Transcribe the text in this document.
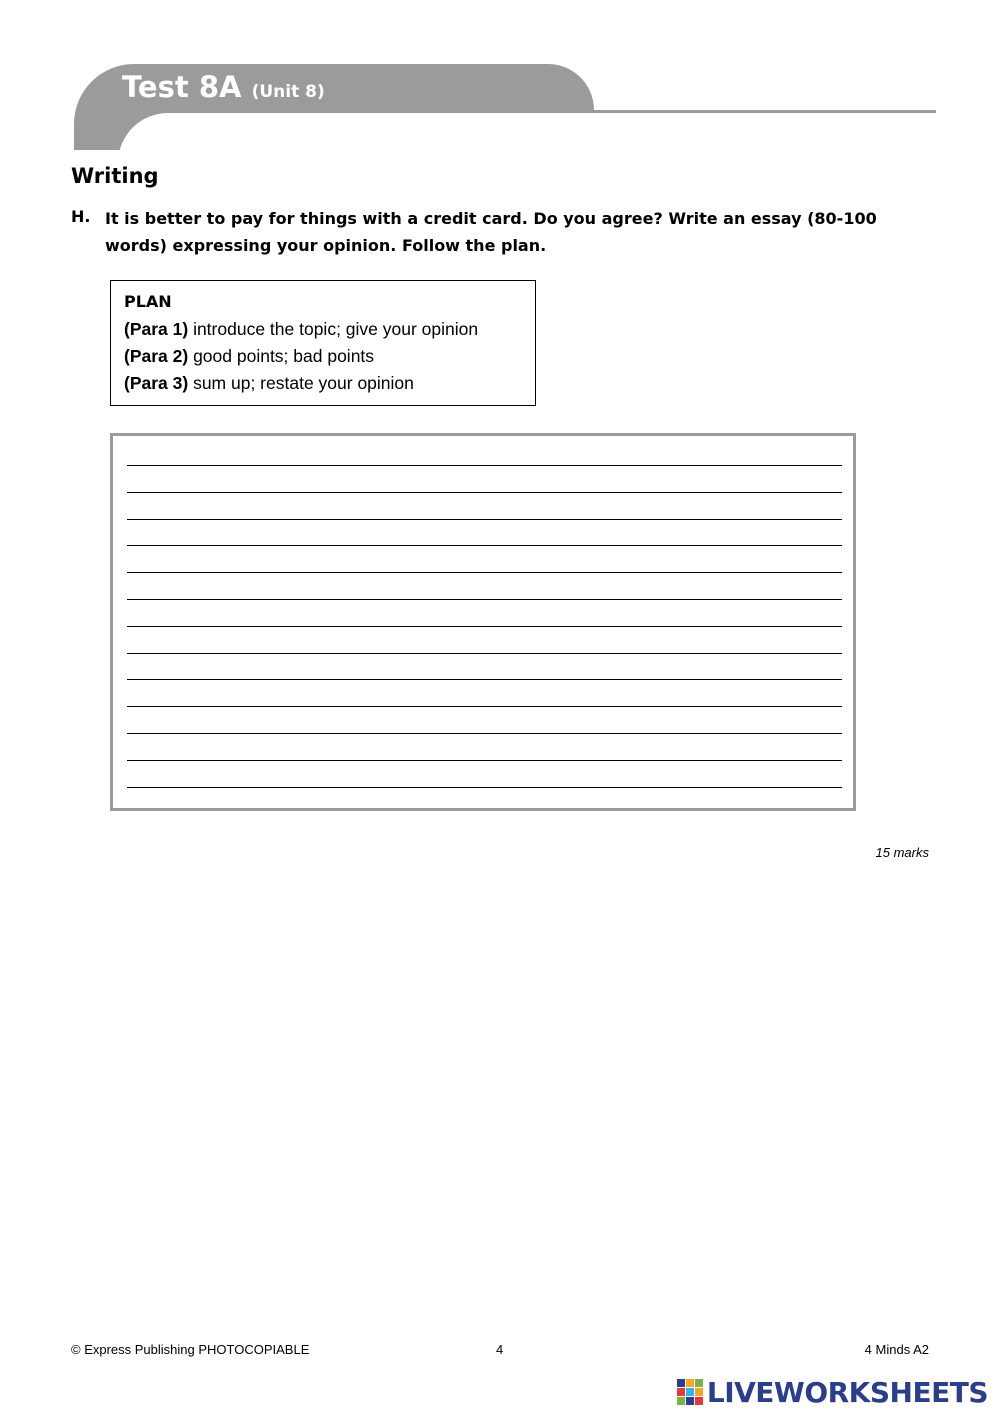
Test 8A (Unit 8)
Writing
H. It is better to pay for things with a credit card. Do you agree? Write an essay (80-100 words) expressing your opinion. Follow the plan.
PLAN
(Para 1) introduce the topic; give your opinion
(Para 2) good points; bad points
(Para 3) sum up; restate your opinion
15 marks
© Express Publishing PHOTOCOPIABLE	4	4 Minds A2
LIVEWORKSHEETS
